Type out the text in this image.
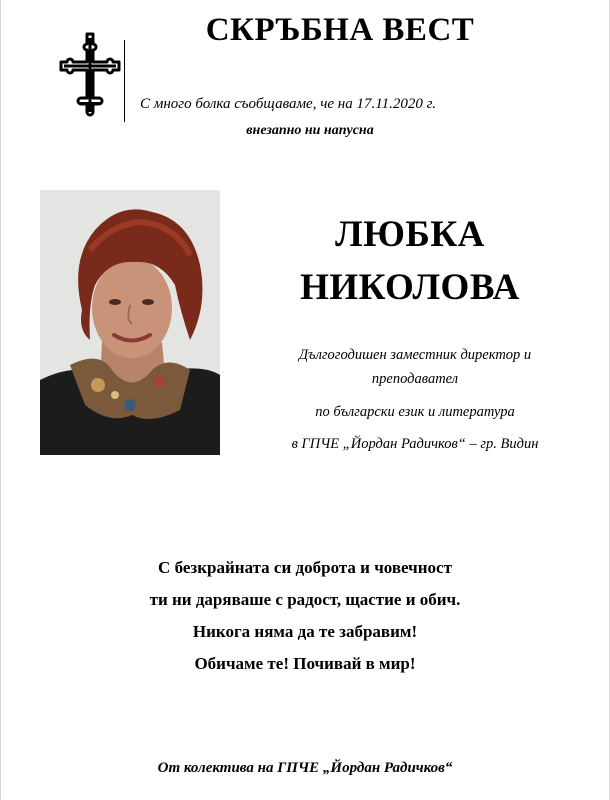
СКРЪБНА ВЕСТ
С много болка съобщаваме, че на 17.11.2020 г.
внезапно ни напусна
ЛЮБКА
НИКОЛОВА
Дългогодишен заместник директор и
преподавател
по български език и литература
в ГПЧЕ „Йордан Радичков“ – гр. Видин
С безкрайната си доброта и човечност
ти ни даряваше с радост, щастие и обич.
Никога няма да те забравим!
Обичаме те! Почивай в мир!
От колектива на ГПЧЕ „Йордан Радичков“
